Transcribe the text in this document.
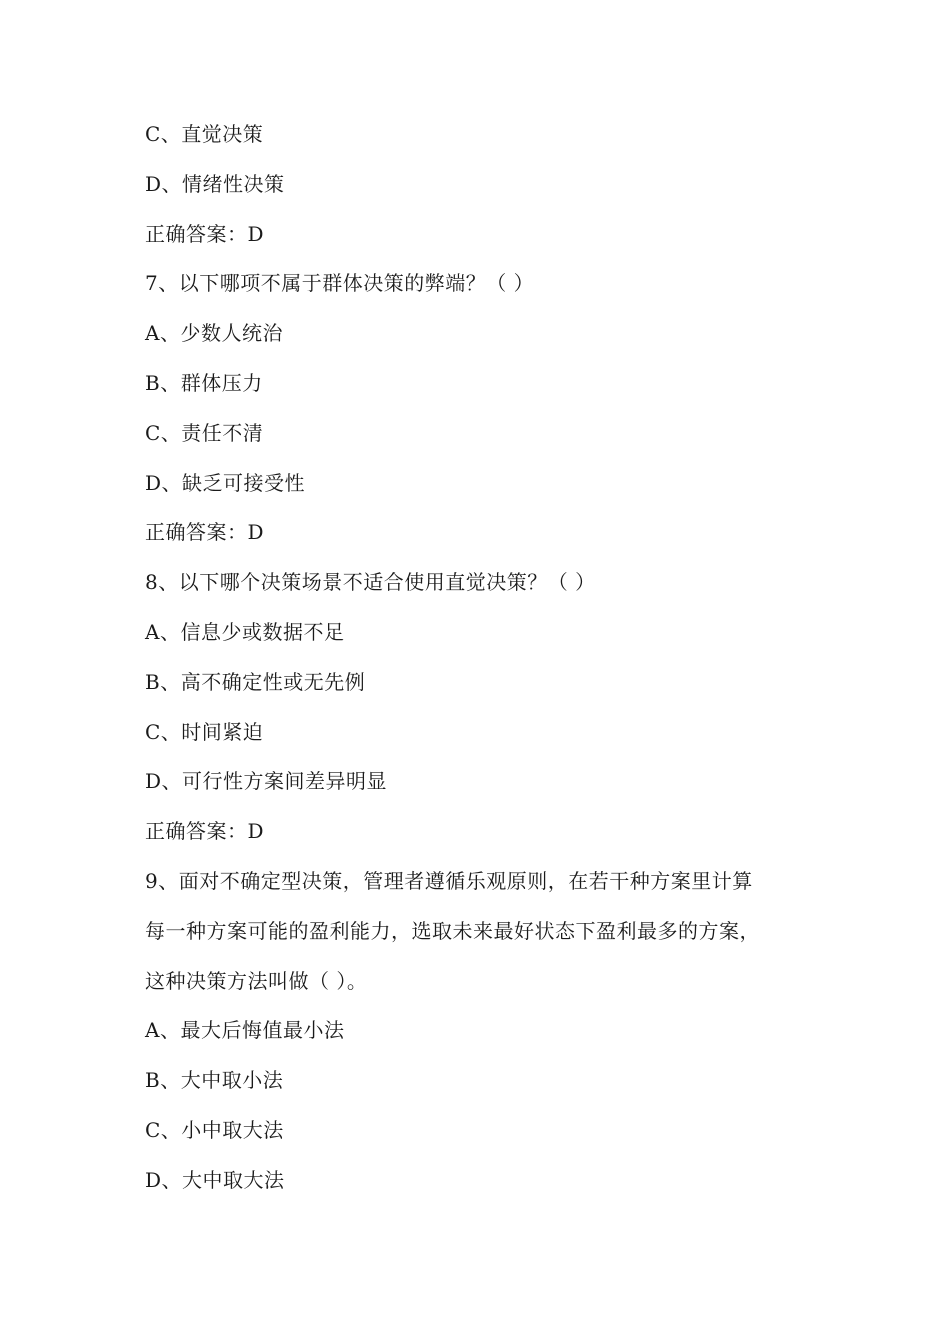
C、直觉决策
D、情绪性决策
正确答案：D
7、以下哪项不属于群体决策的弊端？（ ）
A、少数人统治
B、群体压力
C、责任不清
D、缺乏可接受性
正确答案：D
8、以下哪个决策场景不适合使用直觉决策？（ ）
A、信息少或数据不足
B、高不确定性或无先例
C、时间紧迫
D、可行性方案间差异明显
正确答案：D
9、面对不确定型决策，管理者遵循乐观原则，在若干种方案里计算
每一种方案可能的盈利能力，选取未来最好状态下盈利最多的方案，
这种决策方法叫做（ ）。
A、最大后悔值最小法
B、大中取小法
C、小中取大法
D、大中取大法
